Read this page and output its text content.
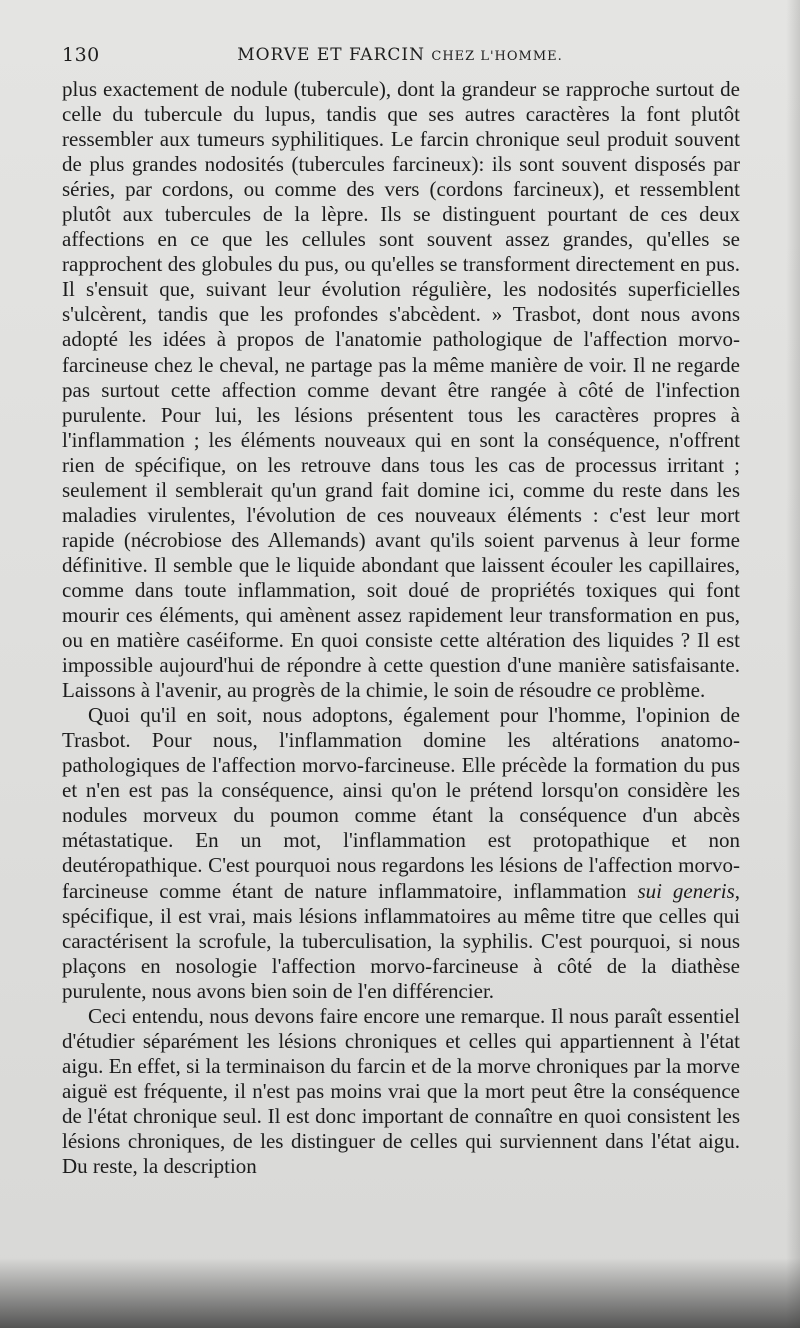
130	MORVE ET FARCIN CHEZ L'HOMME.

plus exactement de nodule (tubercule), dont la grandeur se rapproche surtout de celle du tubercule du lupus, tandis que ses autres caractères la font plutôt ressembler aux tumeurs syphilitiques. Le farcin chronique seul produit souvent de plus grandes nodosités (tubercules farcineux): ils sont souvent disposés par séries, par cordons, ou comme des vers (cordons farcineux), et ressemblent plutôt aux tubercules de la lèpre. Ils se distinguent pourtant de ces deux affections en ce que les cellules sont souvent assez grandes, qu'elles se rapprochent des globules du pus, ou qu'elles se transforment directement en pus. Il s'ensuit que, suivant leur évolution régulière, les nodosités superficielles s'ulcèrent, tandis que les profondes s'abcèdent. » Trasbot, dont nous avons adopté les idées à propos de l'anatomie pathologique de l'affection morvo-farcineuse chez le cheval, ne partage pas la même manière de voir. Il ne regarde pas surtout cette affection comme devant être rangée à côté de l'infection purulente. Pour lui, les lésions présentent tous les caractères propres à l'inflammation ; les éléments nouveaux qui en sont la conséquence, n'offrent rien de spécifique, on les retrouve dans tous les cas de processus irritant ; seulement il semblerait qu'un grand fait domine ici, comme du reste dans les maladies virulentes, l'évolution de ces nouveaux éléments : c'est leur mort rapide (nécrobiose des Allemands) avant qu'ils soient parvenus à leur forme définitive. Il semble que le liquide abondant que laissent écouler les capillaires, comme dans toute inflammation, soit doué de propriétés toxiques qui font mourir ces éléments, qui amènent assez rapidement leur transformation en pus, ou en matière caséiforme. En quoi consiste cette altération des liquides ? Il est impossible aujourd'hui de répondre à cette question d'une manière satisfaisante. Laissons à l'avenir, au progrès de la chimie, le soin de résoudre ce problème.

Quoi qu'il en soit, nous adoptons, également pour l'homme, l'opinion de Trasbot. Pour nous, l'inflammation domine les altérations anatomo-pathologiques de l'affection morvo-farcineuse. Elle précède la formation du pus et n'en est pas la conséquence, ainsi qu'on le prétend lorsqu'on considère les nodules morveux du poumon comme étant la conséquence d'un abcès métastatique. En un mot, l'inflammation est protopathique et non deutéropathique. C'est pourquoi nous regardons les lésions de l'affection morvo-farcineuse comme étant de nature inflammatoire, inflammation sui generis, spécifique, il est vrai, mais lésions inflammatoires au même titre que celles qui caractérisent la scrofule, la tuberculisation, la syphilis. C'est pourquoi, si nous plaçons en nosologie l'affection morvo-farcineuse à côté de la diathèse purulente, nous avons bien soin de l'en différencier.

Ceci entendu, nous devons faire encore une remarque. Il nous paraît essentiel d'étudier séparément les lésions chroniques et celles qui appartiennent à l'état aigu. En effet, si la terminaison du farcin et de la morve chroniques par la morve aiguë est fréquente, il n'est pas moins vrai que la mort peut être la conséquence de l'état chronique seul. Il est donc important de connaître en quoi consistent les lésions chroniques, de les distinguer de celles qui surviennent dans l'état aigu. Du reste, la description
